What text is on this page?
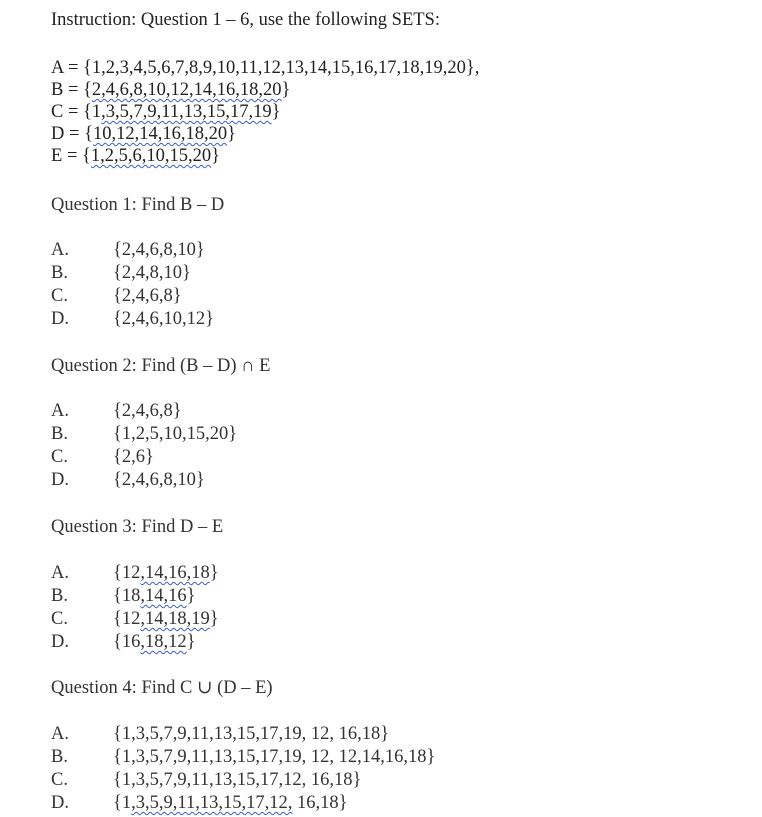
Instruction: Question 1 – 6, use the following SETS:
A = {1,2,3,4,5,6,7,8,9,10,11,12,13,14,15,16,17,18,19,20},
B = {2,4,6,8,10,12,14,16,18,20}
C = {1,3,5,7,9,11,13,15,17,19}
D = {10,12,14,16,18,20}
E = {1,2,5,6,10,15,20}
Question 1: Find B – D
A. {2,4,6,8,10}
B. {2,4,8,10}
C. {2,4,6,8}
D. {2,4,6,10,12}
Question 2: Find (B – D) ∩ E
A. {2,4,6,8}
B. {1,2,5,10,15,20}
C. {2,6}
D. {2,4,6,8,10}
Question 3: Find D – E
A. {12,14,16,18}
B. {18,14,16}
C. {12,14,18,19}
D. {16,18,12}
Question 4: Find C ∪ (D – E)
A. {1,3,5,7,9,11,13,15,17,19, 12, 16,18}
B. {1,3,5,7,9,11,13,15,17,19, 12, 12,14,16,18}
C. {1,3,5,7,9,11,13,15,17,12, 16,18}
D. {1,3,5,9,11,13,15,17,12, 16,18}
